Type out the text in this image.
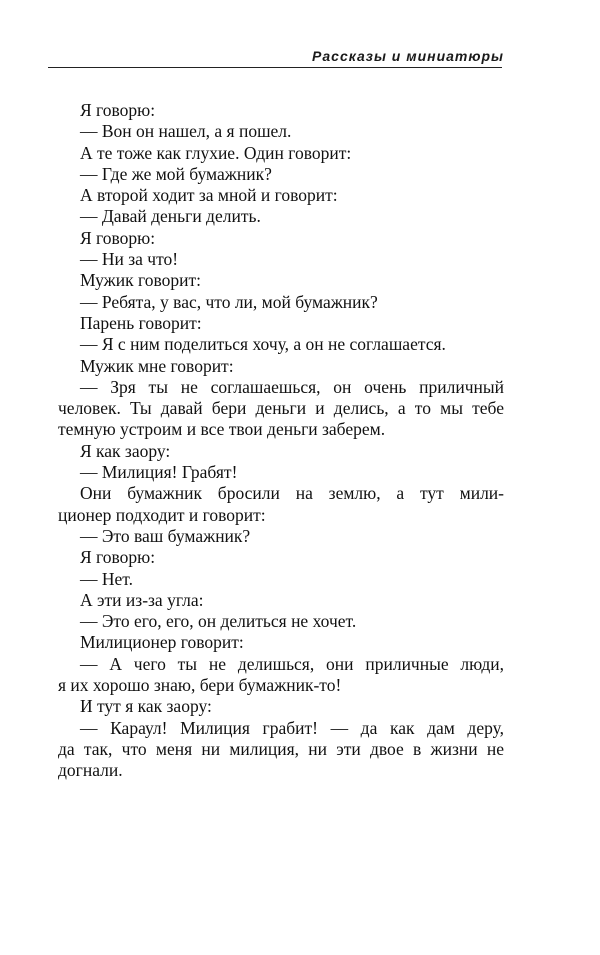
Рассказы и миниатюры
Я говорю:
— Вон он нашел, а я пошел.
А те тоже как глухие. Один говорит:
— Где же мой бумажник?
А второй ходит за мной и говорит:
— Давай деньги делить.
Я говорю:
— Ни за что!
Мужик говорит:
— Ребята, у вас, что ли, мой бумажник?
Парень говорит:
— Я с ним поделиться хочу, а он не соглашается.
Мужик мне говорит:
— Зря ты не соглашаешься, он очень приличный
человек. Ты давай бери деньги и делись, а то мы тебе
темную устроим и все твои деньги заберем.
Я как заору:
— Милиция! Грабят!
Они бумажник бросили на землю, а тут мили-
ционер подходит и говорит:
— Это ваш бумажник?
Я говорю:
— Нет.
А эти из-за угла:
— Это его, его, он делиться не хочет.
Милиционер говорит:
— А чего ты не делишься, они приличные люди,
я их хорошо знаю, бери бумажник-то!
И тут я как заору:
— Караул! Милиция грабит! — да как дам деру,
да так, что меня ни милиция, ни эти двое в жизни не
догнали.
